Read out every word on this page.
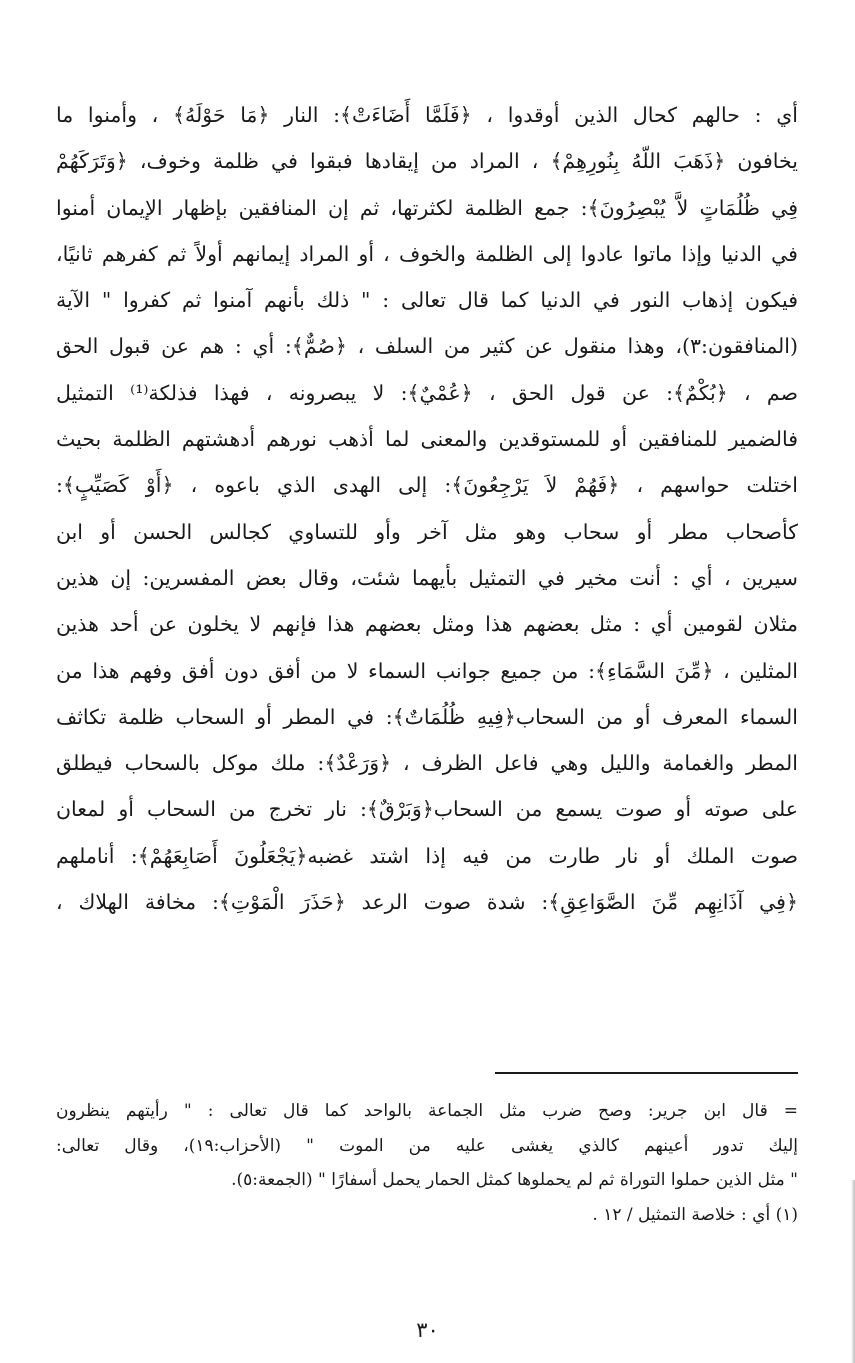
أي : حالهم كحال الذين أوقدوا ، ﴿فَلَمَّا أَضَاءَتْ﴾: النار ﴿مَا حَوْلَهُ﴾ ، وأمنوا ما
يخافون ﴿ذَهَبَ اللّهُ بِنُورِهِمْ﴾ ، المراد من إيقادها فبقوا في ظلمة وخوف، ﴿وَتَرَكَهُمْ
فِي ظُلُمَاتٍ لاَّ يُبْصِرُونَ﴾: جمع الظلمة لكثرتها، ثم إن المنافقين بإظهار الإيمان أمنوا
في الدنيا وإذا ماتوا عادوا إلى الظلمة والخوف ، أو المراد إيمانهم أولاً ثم كفرهم ثانيًا،
فيكون إذهاب النور في الدنيا كما قال تعالى : " ذلك بأنهم آمنوا ثم كفروا " الآية
(المنافقون:٣)، وهذا منقول عن كثير من السلف ، ﴿صُمٌّ﴾: أي : هم عن قبول الحق
صم ، ﴿بُكْمٌ﴾: عن قول الحق ، ﴿عُمْيٌ﴾: لا يبصرونه ، فهذا فذلكة⁽¹⁾ التمثيل
فالضمير للمنافقين أو للمستوقدين والمعنى لما أذهب نورهم أدهشتهم الظلمة بحيث
اختلت حواسهم ، ﴿فَهُمْ لاَ يَرْجِعُونَ﴾: إلى الهدى الذي باعوه ، ﴿أَوْ كَصَيِّبٍ﴾:
كأصحاب مطر أو سحاب وهو مثل آخر وأو للتساوي كجالس الحسن أو ابن
سيرين ، أي : أنت مخير في التمثيل بأيهما شئت، وقال بعض المفسرين: إن هذين
مثلان لقومين أي : مثل بعضهم هذا ومثل بعضهم هذا فإنهم لا يخلون عن أحد هذين
المثلين ، ﴿مِّنَ السَّمَاءِ﴾: من جميع جوانب السماء لا من أفق دون أفق وفهم هذا من
السماء المعرف أو من السحاب﴿فِيهِ ظُلُمَاتٌ﴾: في المطر أو السحاب ظلمة تكاثف
المطر والغمامة والليل وهي فاعل الظرف ، ﴿وَرَعْدٌ﴾: ملك موكل بالسحاب فيطلق
على صوته أو صوت يسمع من السحاب﴿وَبَرْقٌ﴾: نار تخرج من السحاب أو لمعان
صوت الملك أو نار طارت من فيه إذا اشتد غضبه﴿يَجْعَلُونَ أَصَابِعَهُمْ﴾: أناملهم
﴿فِي آذَانِهِم مِّنَ الصَّوَاعِقِ﴾: شدة صوت الرعد ﴿حَذَرَ الْمَوْتِ﴾: مخافة الهلاك ،
= قال ابن جرير: وصح ضرب مثل الجماعة بالواحد كما قال تعالى : " رأيتهم ينظرون
إليك تدور أعينهم كالذي يغشى عليه من الموت " (الأحزاب:١٩)، وقال تعالى:
" مثل الذين حملوا التوراة ثم لم يحملوها كمثل الحمار يحمل أسفارًا " (الجمعة:٥).
(١) أي : خلاصة التمثيل / ١٢ .
٣٠
